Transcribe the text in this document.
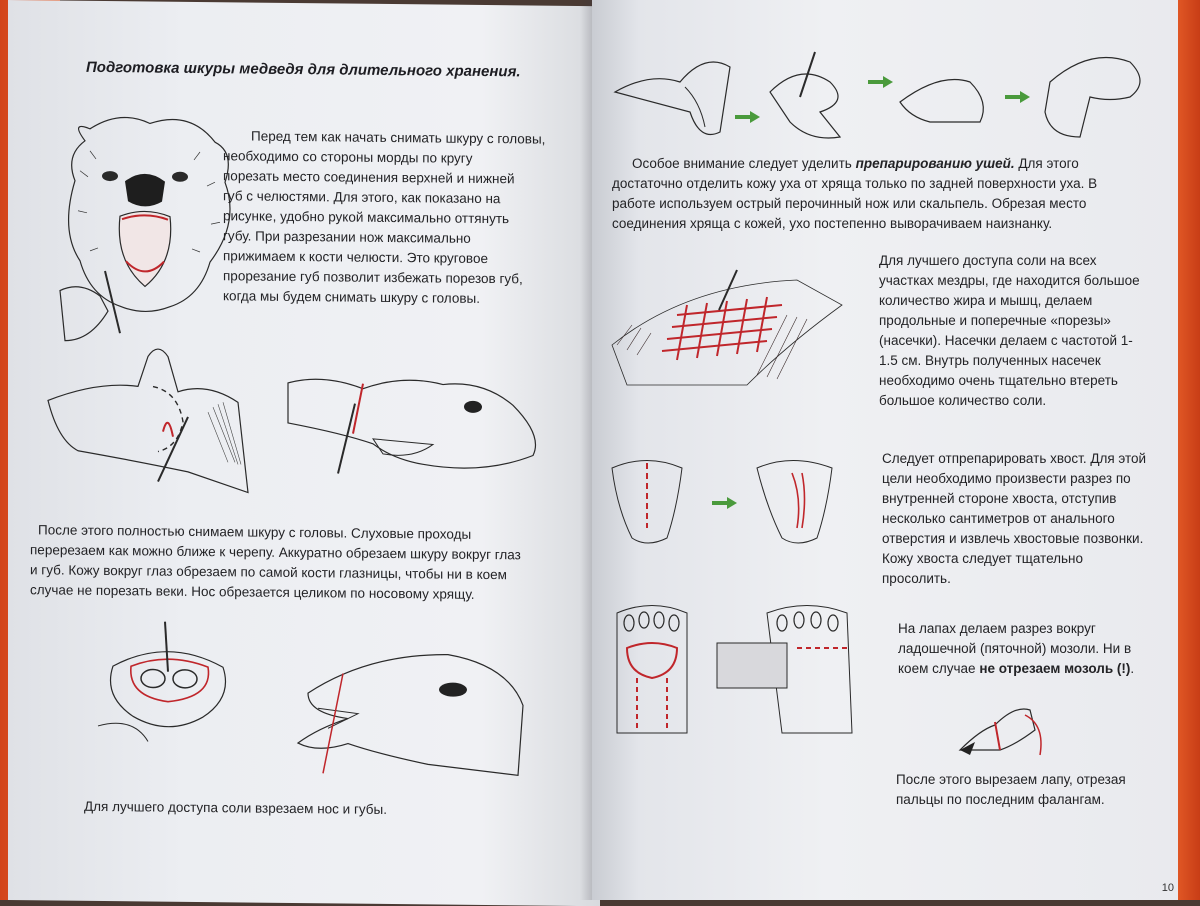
Подготовка шкуры медведя для длительного хранения.
Перед тем как начать снимать шкуру с головы,
необходимо со стороны морды по кругу
порезать место соединения верхней и нижней
губ с челюстями. Для этого, как показано на
рисунке, удобно рукой максимально оттянуть
губу. При разрезании нож максимально
прижимаем к кости челюсти. Это круговое
прорезание губ позволит избежать порезов губ,
когда мы будем снимать шкуру с головы.
После этого полностью снимаем шкуру с головы. Слуховые проходы
перерезаем как можно ближе к черепу. Аккуратно обрезаем шкуру вокруг глаз
и губ. Кожу вокруг глаз обрезаем по самой кости глазницы, чтобы ни в коем
случае не порезать веки. Нос обрезается целиком по носовому хрящу.
Для лучшего доступа соли взрезаем нос и губы.
Особое внимание следует уделить препарированию ушей. Для этого
достаточно отделить кожу уха от хряща только по задней поверхности уха. В
работе используем острый перочинный нож или скальпель. Обрезая место
соединения хряща с кожей, ухо постепенно выворачиваем наизнанку.
Для лучшего доступа соли на всех
участках мездры, где находится большое
количество жира и мышц, делаем
продольные и поперечные «порезы»
(насечки). Насечки делаем с частотой 1-
1.5 см. Внутрь полученных насечек
необходимо очень тщательно втереть
большое количество соли.
Следует отпрепарировать хвост. Для этой
цели необходимо произвести разрез по
внутренней стороне хвоста, отступив
несколько сантиметров от анального
отверстия и извлечь хвостовые позвонки.
Кожу хвоста следует тщательно
просолить.
На лапах делаем разрез вокруг
ладошечной (пяточной) мозоли. Ни в
коем случае не отрезаем мозоль (!).
После этого вырезаем лапу, отрезая
пальцы по последним фалангам.
10
